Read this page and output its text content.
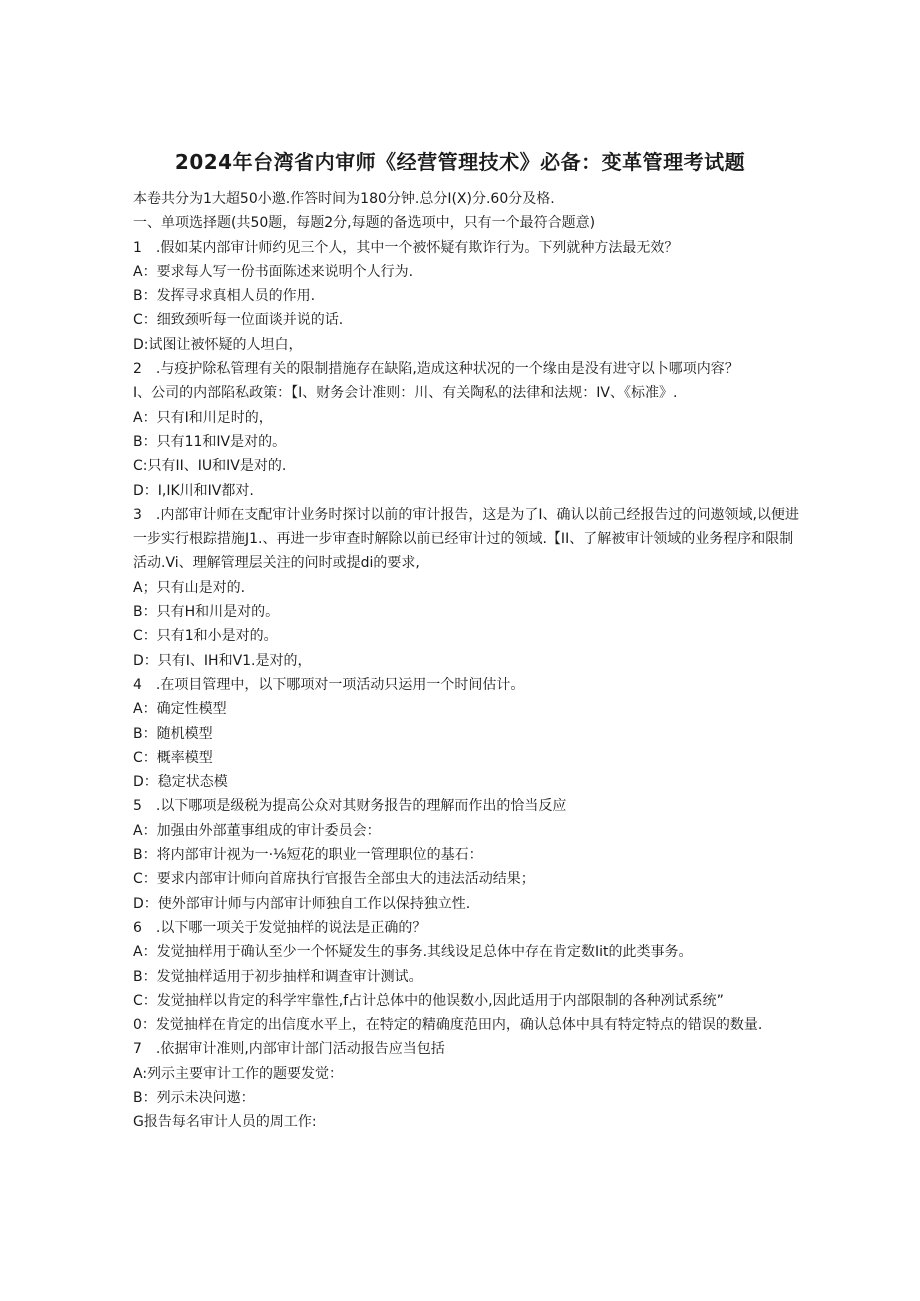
2024年台湾省内审师《经营管理技术》必备：变革管理考试题
本卷共分为1大超50小邀.作答时间为180分钟.总分I(X)分.60分及格.
一、单项选择题(共50题，每题2分,每题的备选项中，只有一个最符合题意)
1　.假如某内部审计师约见三个人，其中一个被怀疑有欺诈行为。下列就种方法最无效？
A：要求每人写一份书面陈述来说明个人行为.
B：发挥寻求真相人员的作用.
C：细致颈听每一位面谈并说的话.
D:试图让被怀疑的人坦白，
2　.与疫护除私管理有关的限制措施存在缺陷,造成这种状况的一个缘由是没有进守以卜哪项内容？
I、公司的内部陷私政策：【I、财务会计准则：川、有关陶私的法律和法规：IV、《标准》.
A：只有I和川足时的，
B：只有11和IV是对的。
C:只有II、IU和IV是对的.
D：I,IK川和IV都对.
3　.内部审计师在支配审计业务时探讨以前的审计报告，这是为了I、确认以前己经报告过的问遨领域,以便进一步实行根踪措施J1.、再进一步审查时解除以前已经审计过的领域.【II、了解被审计领域的业务程序和限制活动.Vi、理解管理层关注的问时或提di的要求,
A；只有山是对的.
B：只有H和川是对的。
C：只有1和小是对的。
D：只有I、IH和V1.是对的，
4　.在项目管理中，以下哪项对一项活动只运用一个时间估计。
A：确定性模型
B：随机模型
C：概率模型
D：稳定状态模
5　.以下哪项是级税为提高公众对其财务报告的理解而作出的恰当反应
A：加强由外部董事组成的审计委员会：
B：将内部审计视为一·⅛短花的职业一管理职位的基石：
C：要求内部审计师向首席执行官报告全部虫大的违法活动结果；
D：使外部审计师与内部审计师独自工作以保持独立性.
6　.以下哪一项关于发觉抽样的说法是正确的？
A：发觉抽样用于确认至少一个怀疑发生的事务.其线设足总体中存在肯定数Iit的此类事务。
B：发觉抽样适用于初步抽样和调查审计测试。
C：发觉抽样以肯定的科学牢靠性,f占计总体中的他误数小,因此适用于内部限制的各种冽试系统”
0：发觉抽样在肯定的出信度水平上，在特定的精确度范田内，确认总体中具有特定特点的错误的数量.
7　.依据审计准则,内部审计部门活动报告应当包括
A:列示主要审计工作的题要发觉：
B：列示未决问遨：
G报告每名审计人员的周工作:
